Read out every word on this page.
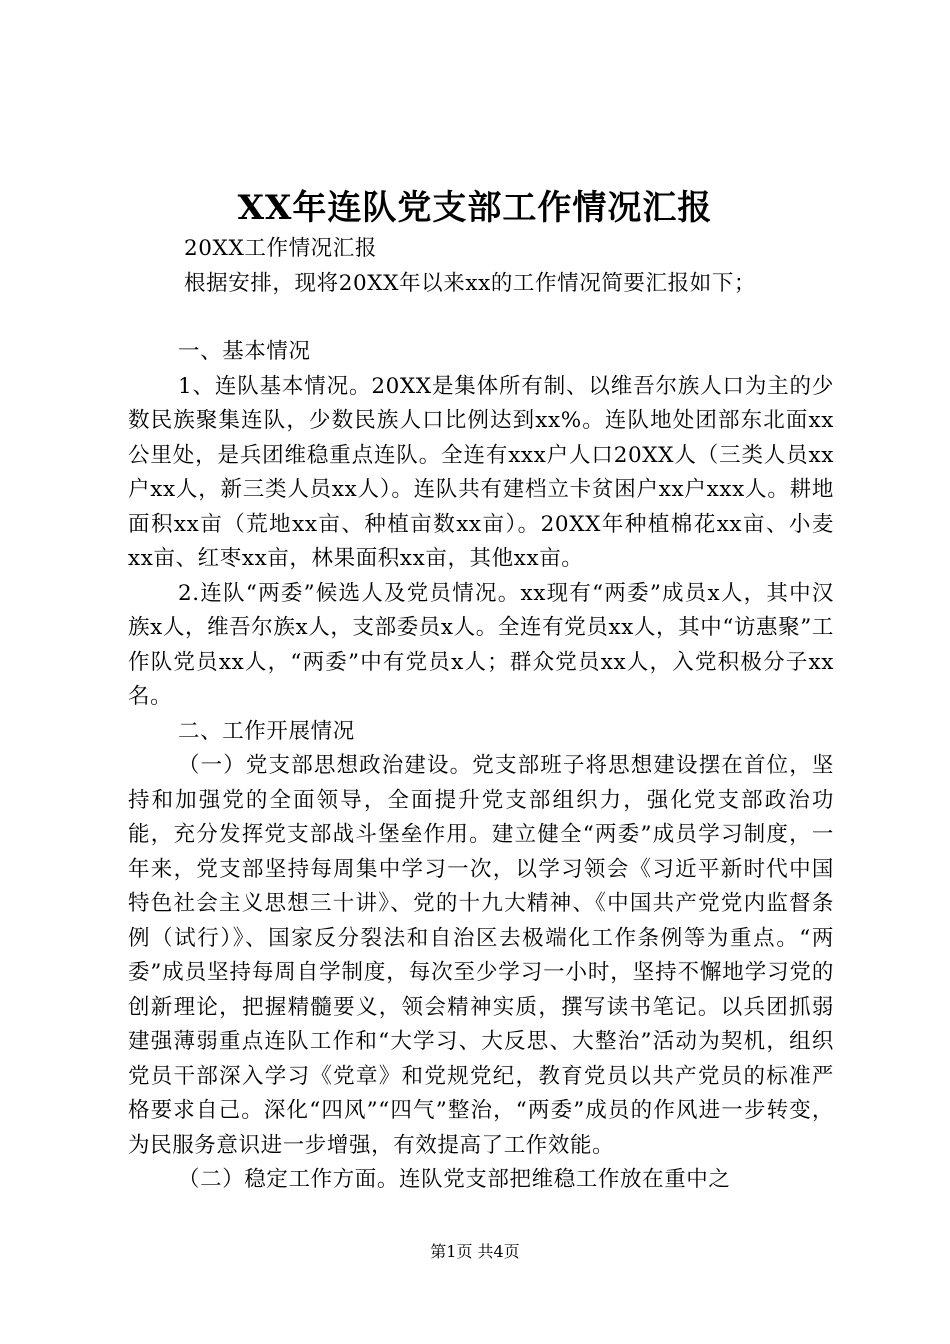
XX年连队党支部工作情况汇报

20XX工作情况汇报

根据安排，现将20XX年以来xx的工作情况简要汇报如下；

一、基本情况

1、连队基本情况。20XX是集体所有制、以维吾尔族人口为主的少数民族聚集连队，少数民族人口比例达到xx%。连队地处团部东北面xx公里处，是兵团维稳重点连队。全连有xxx户人口20XX人（三类人员xx户xx人，新三类人员xx人）。连队共有建档立卡贫困户xx户xxx人。耕地面积xx亩（荒地xx亩、种植亩数xx亩）。20XX年种植棉花xx亩、小麦xx亩、红枣xx亩，林果面积xx亩，其他xx亩。

2.连队“两委”候选人及党员情况。xx现有“两委”成员x人，其中汉族x人，维吾尔族x人，支部委员x人。全连有党员xx人，其中“访惠聚”工作队党员xx人，“两委”中有党员x人；群众党员xx人，入党积极分子xx名。

二、工作开展情况

（一）党支部思想政治建设。党支部班子将思想建设摆在首位，坚持和加强党的全面领导，全面提升党支部组织力，强化党支部政治功能，充分发挥党支部战斗堡垒作用。建立健全“两委”成员学习制度，一年来，党支部坚持每周集中学习一次，以学习领会《习近平新时代中国特色社会主义思想三十讲》、党的十九大精神、《中国共产党党内监督条例（试行）》、国家反分裂法和自治区去极端化工作条例等为重点。“两委”成员坚持每周自学制度，每次至少学习一小时，坚持不懈地学习党的创新理论，把握精髓要义，领会精神实质，撰写读书笔记。以兵团抓弱建强薄弱重点连队工作和“大学习、大反思、大整治”活动为契机，组织党员干部深入学习《党章》和党规党纪，教育党员以共产党员的标准严格要求自己。深化“四风”“四气”整治，“两委”成员的作风进一步转变，为民服务意识进一步增强，有效提高了工作效能。

（二）稳定工作方面。连队党支部把维稳工作放在重中之

第1页 共4页
